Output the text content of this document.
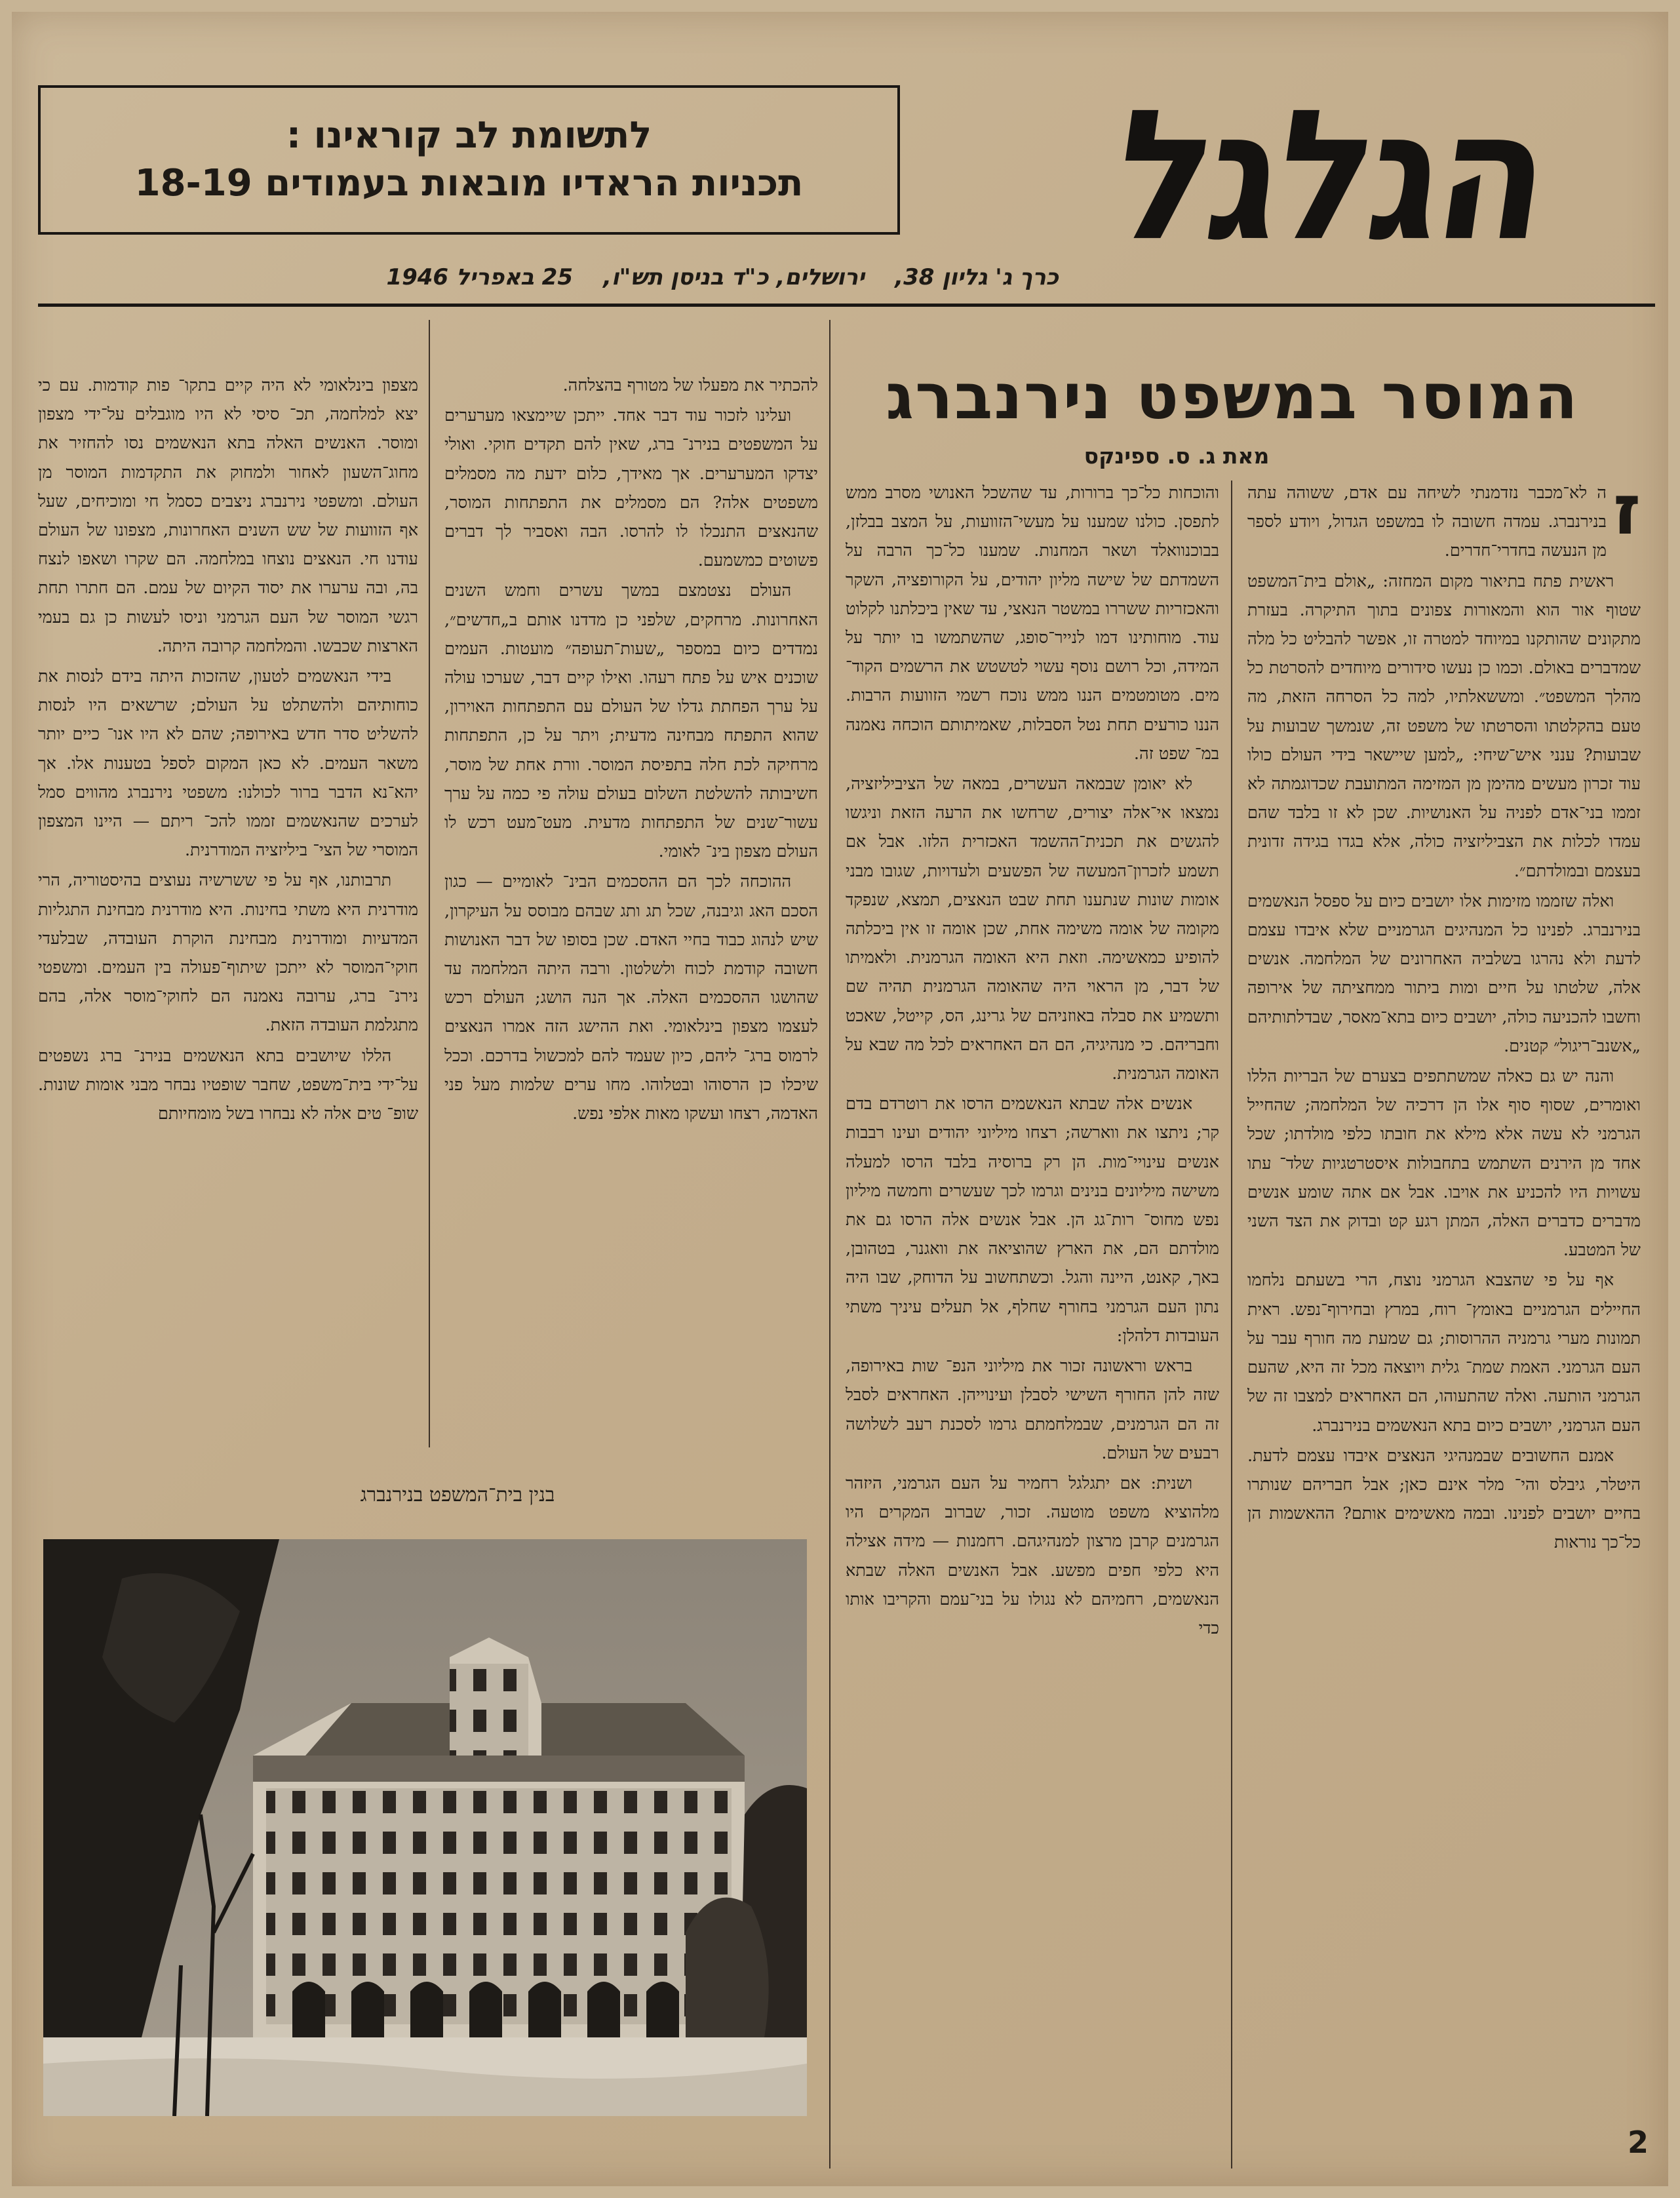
הגלגל
לתשומת לב קוראינו :
תכניות הראדיו מובאות בעמודים 18-19
כרך ג' גליון 38,
ירושלים, כ"ד בניסן תש"ו,
25 באפריל 1946
המוסר במשפט נירנברג
מאת ג. ס. ספינקס

ז
ה לא־מכבר נזדמנתי לשיחה עם אדם, ששוהה עתה בנירנברג. עמדה חשובה לו במשפט הגדול, ויודע לספר מן הנעשה בחדרי־חדרים.

ראשית פתח בתיאור מקום המחזה: „אולם בית־המשפט שטוף אור הוא והמאורות צפונים בתוך התיקרה. בעזרת מתקונים שהותקנו במיוחד למטרה זו, אפשר להבליט כל מלה שמדברים באולם. וכמו כן נעשו סידורים מיוחדים להסרטת כל מהלך המשפט״. ומששאלתיו, למה כל הסרחה הזאת, מה טעם בהקלטתו והסרטתו של משפט זה, שנמשך שבועות על שבועות? ענני איש־שיחי: „למען שיישאר בידי העולם כולו עוד זכרון מעשים מהימן מן המזימה המתועבת שכדוגמתה לא זממו בני־אדם לפניה על האנושיות. שכן לא זו בלבד שהם עמדו לכלות את הצביליזציה כולה, אלא בגדו בגידה זדונית בעצמם ובמולדתם״.

ואלה שזממו מזימות אלו יושבים כיום על ספסל הנאשמים בנירנברג. לפנינו כל המנהיגים הגרמניים שלא איבדו עצמם לדעת ולא נהרגו בשלביה האחרונים של המלחמה. אנשים אלה, שלטתו על חיים ומות ביתור ממחציתה של אירופה וחשבו להכניעה כולה, יושבים כיום בתא־מאסר, שבדלתותיהם „אשנב־ריגול״ קטנים.

והנה יש גם כאלה שמשתתפים בצערם של הבריות הללו ואומרים, שסוף סוף אלו הן דרכיה של המלחמה; שהחייל הגרמני לא עשה אלא מילא את חובתו כלפי מולדתו; שכל אחד מן הירנים השתמש בתחבולות איסטרטגיות שלד־ עתו עשויות היו להכניע את אויבו. אבל אם אתה שומע אנשים מדברים כדברים האלה, המתן רגע קט ובדוק את הצד השני של המטבע.

אף על פי שהצבא הגרמני נוצח, הרי בשעתם נלחמו החיילים הגרמניים באומץ־ רוח, במרץ ובחירוף־נפש. ראית תמונות מערי גרמניה ההרוסות; גם שמעת מה חורף עבר על העם הגרמני. האמת שמת־ גלית ויוצאה מכל זה היא, שהעם הגרמני הותעה. ואלה שהתעוהו, הם האחראים למצבו זה של העם הגרמני, יושבים כיום בתא הנאשמים בנירנברג.

אמנם החשובים שבמנהיגי הנאצים איבדו עצמם לדעת. היטלר, גיבלס והי־ מלר אינם כאן; אבל חבריהם שנותרו בחיים יושבים לפנינו. ובמה מאשימים אותם? ההאשמות הן כל־כך נוראות

והוכחות כל־כך ברורות, עד שהשכל האנושי מסרב ממש לתפסן. כולנו שמענו על מעשי־הזוועות, על המצב בבלזן, בבוכנוואלד ושאר המחנות. שמענו כל־כך הרבה על השמדתם של שישה מליון יהודים, על הקורופציה, השקר והאכזריות ששררו במשטר הנאצי, עד שאין ביכלתנו לקלוט עוד. מוחותינו דמו לנייר־סופג, שהשתמשו בו יותר על המידה, וכל רושם נוסף עשוי לטשטש את הרשמים הקוד־ מים. מטומטמים הננו ממש נוכח רשמי הזוועות הרבות. הננו כורעים תחת נטל הסבלות, שאמיתותם הוכחה נאמנה במ־ שפט זה.

לא יאומן שבמאה העשרים, במאה של הציביליזציה, נמצאו אי־אלה יצורים, שרחשו את הרעה הזאת וניגשו להגשים את תכנית־ההשמד האכזרית הלזו. אבל אם תשמע לזכרון־המעשה של הפשעים ולעדויות, שגובו מבני אומות שונות שנתענו תחת שבט הנאצים, תמצא, שנפקד מקומה של אומה משימה אחת, שכן אומה זו אין ביכלתה להופיע כמאשימה. וזאת היא האומה הגרמנית. ולאמיתו של דבר, מן הראוי היה שהאומה הגרמנית תהיה שם ותשמיע את סבלה באוזניהם של גרינג, הס, קייטל, שאכט וחבריהם. כי מנהיגיה, הם הם האחראים לכל מה שבא על האומה הגרמנית.

אנשים אלה שבתא הנאשמים הרסו את רוטרדם בדם קר; ניתצו את ווארשה; רצחו מיליוני יהודים ועינו רבבות אנשים עינויי־מות. הן רק ברוסיה בלבד הרסו למעלה משישה מיליונים בנינים וגרמו לכך שעשרים וחמשה מיליון נפש מחוס־ רות־גג הן. אבל אנשים אלה הרסו גם את מולדתם הם, את הארץ שהוציאה את וואגנר, בטהובן, באך, קאנט, היינה והגל. וכשתחשוב על הדוחק, שבו היה נתון העם הגרמני בחורף שחלף, אל תעלים עיניך משתי העובדות דלהלן:

בראש וראשונה זכור את מיליוני הנפ־ שות באירופה, שזה להן החורף השישי לסבלן ועינוייהן. האחראים לסבל זה הם הגרמנים, שבמלחמתם גרמו לסכנת רעב לשלושה רבעים של העולם.

ושנית: אם יתגלגל רחמיר על העם הגרמני, היזהר מלהוציא משפט מוטעה. זכור, שברוב המקרים היו הגרמנים קרבן מרצון למנהיגהם. רחמנות — מידה אצילה היא כלפי חפים מפשע. אבל האנשים האלה שבתא הנאשמים, רחמיהם לא נגולו על בני־עמם והקריבו אותו כדי

להכתיר את מפעלו של מטורף בהצלחה.

ועלינו לזכור עוד דבר אחד. ייתכן שיימצאו מערערים על המשפטים בנירנ־ ברג, שאין להם תקדים חוקי. ואולי יצדקו המערערים. אך מאידך, כלום ידעת מה מסמלים משפטים אלה? הם מסמלים את התפתחות המוסר, שהנאצים התנכלו לו להרסו. הבה ואסביר לך דברים פשוטים כמשמעם.

העולם נצטמצם במשך עשרים וחמש השנים האחרונות. מרחקים, שלפני כן מדדנו אותם ב„חדשים״, נמדדים כיום במספר „שעות־תעופה״ מועטות. העמים שוכנים איש על פתח רעהו. ואילו קיים דבר, שערכו עולה על ערך הפחתת גדלו של העולם עם התפתחות האוירון, שהוא התפתח מבחינה מדעית; ויתר על כן, התפתחות מרחיקה לכת חלה בתפיסת המוסר. וורת אחת של מוסר, חשיבותה להשלטת השלום בעולם עולה פי כמה על ערך עשור־שנים של התפתחות מדעית. מעט־מעט רכש לו העולם מצפון בינ־ לאומי.

ההוכחה לכך הם ההסכמים הבינ־ לאומיים — כגון הסכם האג וגיבנה, שכל תג ותג שבהם מבוסס על העיקרון, שיש לנהוג כבוד בחיי האדם. שכן בסופו של דבר האנושות חשובה קודמת לכוח ולשלטון. ורבה היתה המלחמה עד שהושגו ההסכמים האלה. אך הנה הושג; העולם רכש לעצמו מצפון בינלאומי. ואת ההישג הזה אמרו הנאצים לרמוס ברג־ ליהם, כיון שעמד להם למכשול בדרכם. וככל שיכלו כן הרסוהו ובטלוהו. מחו ערים שלמות מעל פני האדמה, רצחו ועשקו מאות אלפי נפש.

מצפון בינלאומי לא היה קיים בתקו־ פות קודמות. עם כי יצא למלחמה, תכ־ סיסי לא היו מוגבלים על־ידי מצפון ומוסר. האנשים האלה בתא הנאשמים נסו להחזיר את מחוג־השעון לאחור ולמחוק את התקדמות המוסר מן העולם. ומשפטי נירנברג ניצבים כסמל חי ומוכיחים, שעל אף הזוועות של שש השנים האחרונות, מצפונו של העולם עודנו חי. הנאצים נוצחו במלחמה. הם שקרו ושאפו לנצח בה, ובה ערערו את יסוד הקיום של עמם. הם חתרו תחת רגשי המוסר של העם הגרמני וניסו לעשות כן גם בעמי הארצות שכבשו. והמלחמה קרובה היתה.

בידי הנאשמים לטעון, שהזכות היתה בידם לנסות את כוחותיהם ולהשתלט על העולם; שרשאים היו לנסות להשליט סדר חדש באירופה; שהם לא היו אנו־ כיים יותר משאר העמים. לא כאן המקום לספל בטענות אלו. אך יהא־נא הדבר ברור לכולנו: משפטי נירנברג מהווים סמל לערכים שהנאשמים זממו להכ־ ריתם — היינו המצפון המוסרי של הצי־ ביליזציה המודרנית.

תרבותנו, אף על פי ששרשיה נעוצים בהיסטוריה, הרי מודרנית היא משתי בחינות. היא מודרנית מבחינת התגליות המדעיות ומודרנית מבחינת הוקרת העובדה, שבלעדי חוקי־המוסר לא ייתכן שיתוף־פעולה בין העמים. ומשפטי נירנ־ ברג, ערובה נאמנה הם לחוקי־מוסר אלה, בהם מתגלמת העובדה הזאת.

הללו שיושבים בתא הנאשמים בנירנ־ ברג נשפטים על־ידי בית־משפט, שחבר שופטיו נבחר מבני אומות שונות. שופ־ טים אלה לא נבחרו בשל מומחיותם

בנין בית־המשפט בנירנברג
2
